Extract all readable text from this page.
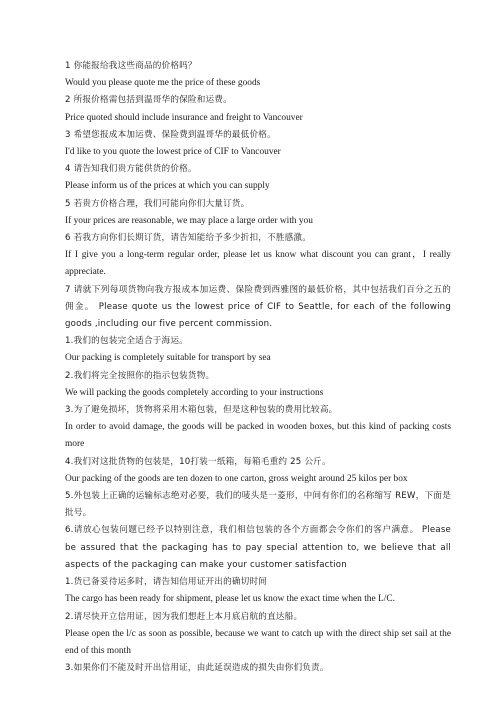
1 你能报给我这些商品的价格吗？
Would you please quote me the price of these goods
2 所报价格需包括到温哥华的保险和运费。
Price quoted should include insurance and freight to Vancouver
3 希望您报成本加运费、保险费到温哥华的最低价格。
I'd like to you quote the lowest price of CIF to Vancouver
4 请告知我们贵方能供货的价格。
Please inform us of the prices at which you can supply
5 若贵方价格合理，我们可能向你们大量订货。
If your prices are reasonable, we may place a large order with you
6 若我方向你们长期订货，请告知能给予多少折扣，不胜感激。
If I give you a long-term regular order, please let us know what discount you can grant，I really appreciate.
7 请就下列每项货物向我方报成本加运费、保险费到西雅图的最低价格，其中包括我们百分之五的佣金。 Please quote us the lowest price of CIF to Seattle, for each of the following goods ,including our five percent commission.
1.我们的包装完全适合于海运。
Our packing is completely suitable for transport by sea
2.我们将完全按照你的指示包装货物。
We will packing the goods completely according to your instructions
3.为了避免损坏，货物将采用木箱包装，但是这种包装的费用比较高。
In order to avoid damage, the goods will be packed in wooden boxes, but this kind of packing costs more
4.我们对这批货物的包装是，10打装一纸箱，每箱毛重约 25 公斤。
Our packing of the goods are ten dozen to one carton, gross weight around 25 kilos per box
5.外包装上正确的运输标志绝对必要，我们的唛头是一菱形，中间有你们的名称缩写 REW，下面是批号。
6.请放心包装问题已经予以特别注意，我们相信包装的各个方面都会令你们的客户满意。 Please be assured that the packaging has to pay special attention to, we believe that all aspects of the packaging can make your customer satisfaction
1.货已备妥待运多时，请告知信用证开出的确切时间
The cargo has been ready for shipment, please let us know the exact time when the L/C.
2.请尽快开立信用证，因为我们想赶上本月底启航的直达船。
Please open the l/c as soon as possible, because we want to catch up with the direct ship set sail at the end of this month
3.如果你们不能及时开出信用证，由此延误造成的损失由你们负责。
